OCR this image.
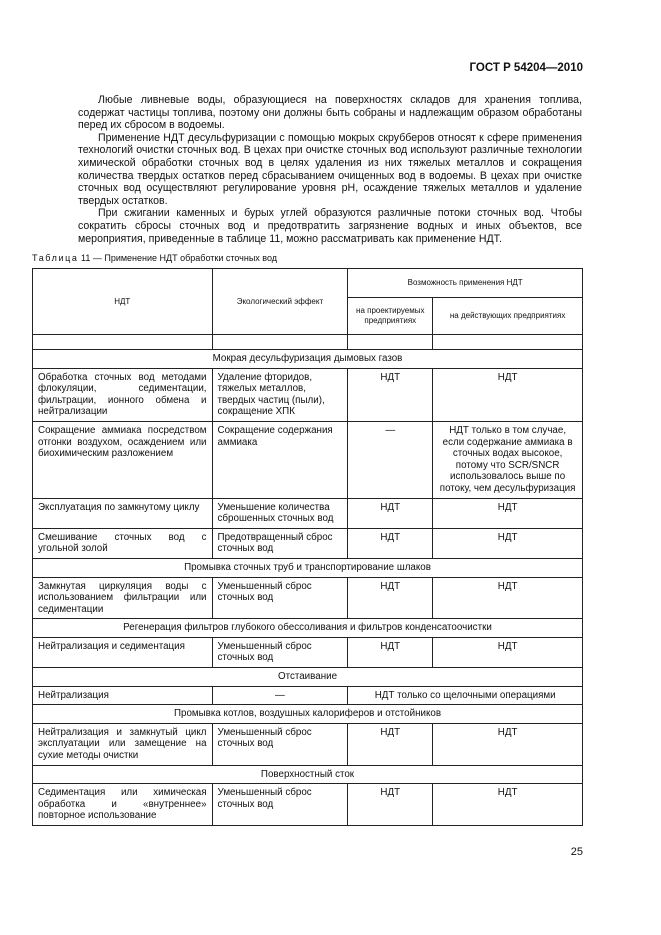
ГОСТ Р 54204—2010

Любые ливневые воды, образующиеся на поверхностях складов для хранения топлива, содержат частицы топлива, поэтому они должны быть собраны и надлежащим образом обработаны перед их сбросом в водоемы.

Применение НДТ десульфуризации с помощью мокрых скрубберов относят к сфере применения технологий очистки сточных вод. В цехах при очистке сточных вод используют различные технологии химической обработки сточных вод в целях удаления из них тяжелых металлов и сокращения количества твердых остатков перед сбрасыванием очищенных вод в водоемы. В цехах при очистке сточных вод осуществляют регулирование уровня pH, осаждение тяжелых металлов и удаление твердых остатков.

При сжигании каменных и бурых углей образуются различные потоки сточных вод. Чтобы сократить сбросы сточных вод и предотвратить загрязнение водных и иных объектов, все мероприятия, приведенные в таблице 11, можно рассматривать как применение НДТ.

Таблица 11 — Применение НДТ обработки сточных вод
НДТ	Экологический эффект	Возможность применения НДТ	
		на проектируемых предприятиях	на действующих предприятиях

Мокрая десульфуризация дымовых газов			
Обработка сточных вод методами флокуляции, седиментации, фильтрации, ионного обмена и нейтрализации	Удаление фторидов, тяжелых металлов, твердых частиц (пыли), сокращение ХПК	НДТ	НДТ
Сокращение аммиака посредством отгонки воздухом, осаждением или биохимическим разложением	Сокращение содержания аммиака	—	НДТ только в том случае, если содержание аммиака в сточных водах высокое, потому что SCR/SNCR использовалось выше по потоку, чем десульфуризация
Эксплуатация по замкнутому циклу	Уменьшение количества сброшенных сточных вод	НДТ	НДТ
Смешивание сточных вод с угольной золой	Предотвращенный сброс сточных вод	НДТ	НДТ
Промывка сточных труб и транспортирование шлаков			
Замкнутая циркуляция воды с использованием фильтрации или седиментации	Уменьшенный сброс сточных вод	НДТ	НДТ
Регенерация фильтров глубокого обессоливания и фильтров конденсатоочистки			
Нейтрализация и седиментация	Уменьшенный сброс сточных вод	НДТ	НДТ
Отстаивание			
Нейтрализация	—	НДТ только со щелочными операциями	
Промывка котлов, воздушных калориферов и отстойников			
Нейтрализация и замкнутый цикл эксплуатации или замещение на сухие методы очистки	Уменьшенный сброс сточных вод	НДТ	НДТ
Поверхностный сток			
Седиментация или химическая обработка и «внутреннее» повторное использование	Уменьшенный сброс сточных вод	НДТ	НДТ
25
